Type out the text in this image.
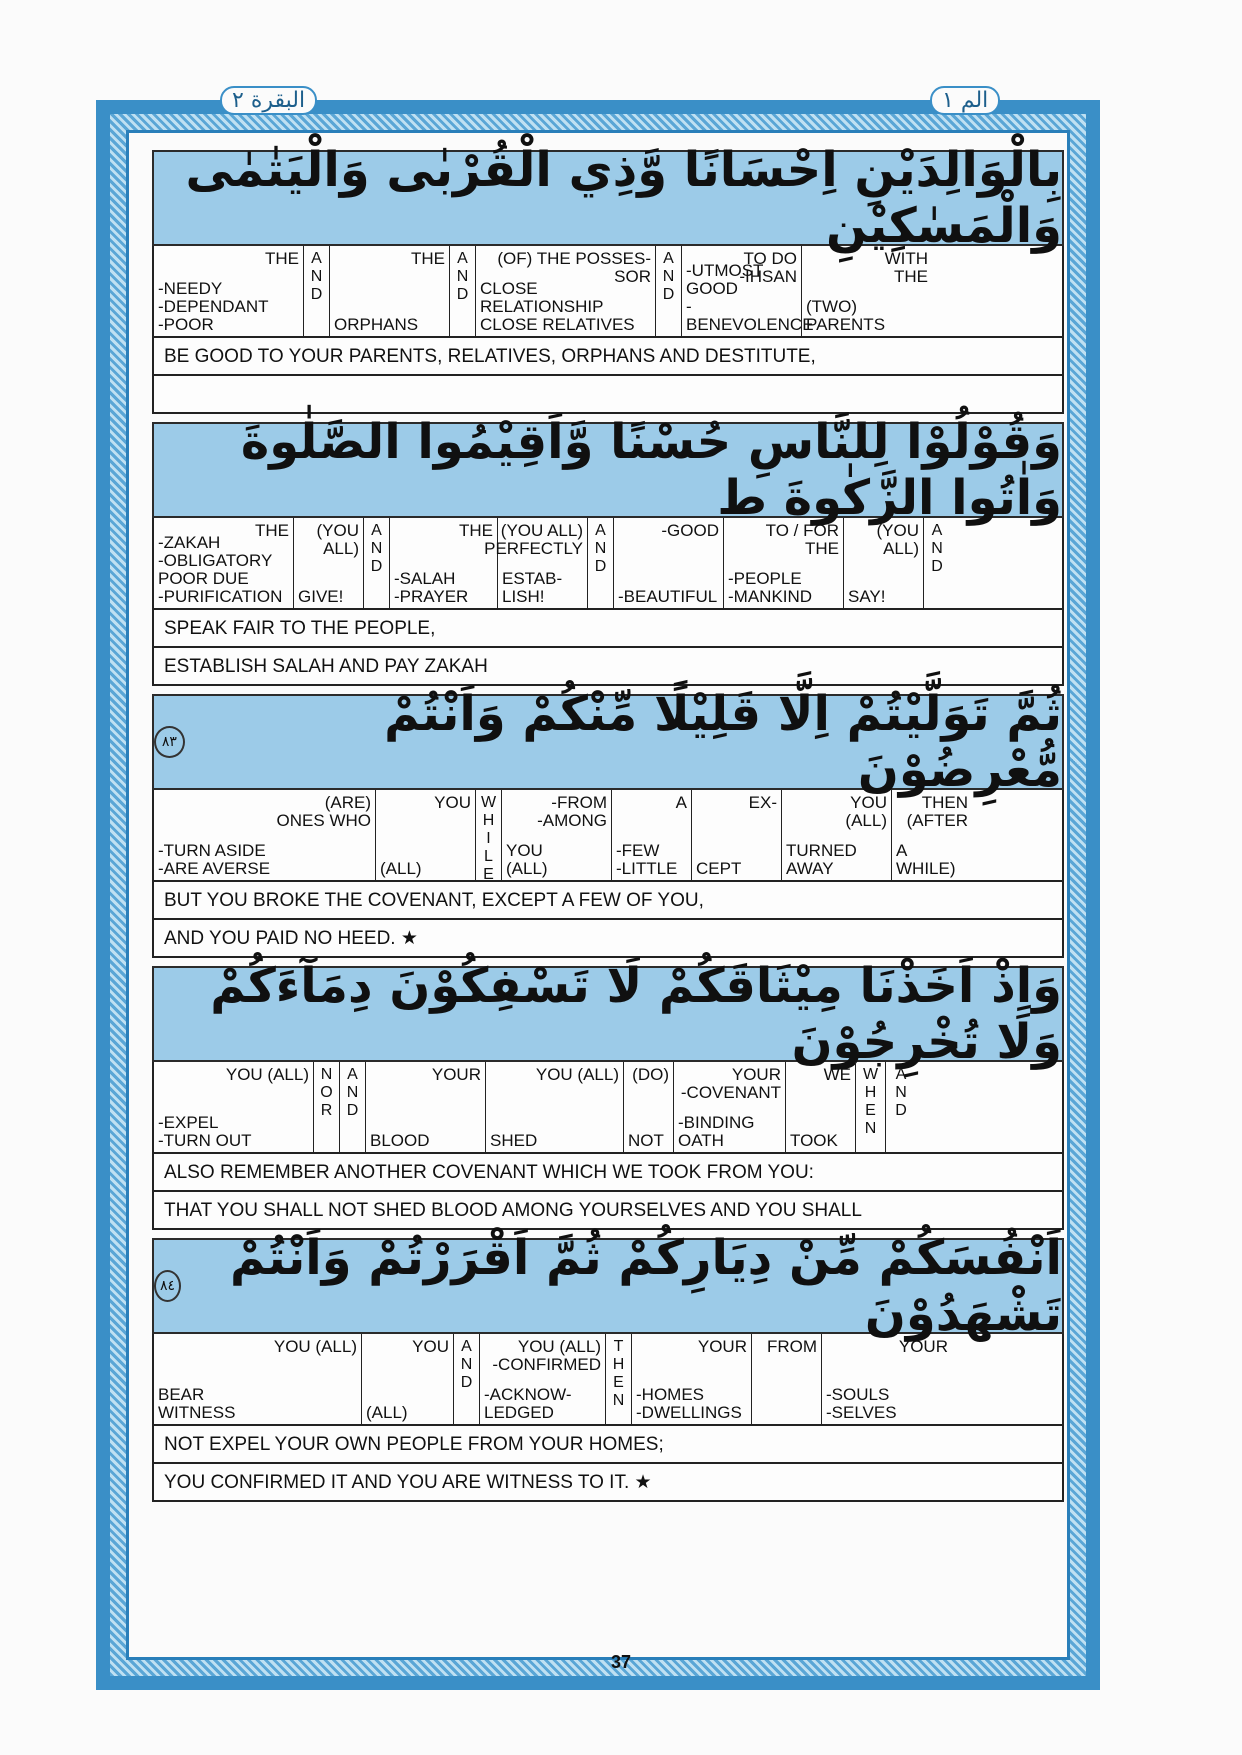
البقرة ٢	الم ١
بِالْوَالِدَيْنِ اِحْسَانًا وَّذِي الْقُرْبٰى وَالْيَتٰمٰى وَالْمَسٰكِيْنِ
THE
-NEEDY
-DEPENDANT
-POOR
A
N
D
THE
ORPHANS
A
N
D
(OF) THE POSSES-
SOR
CLOSE
RELATIONSHIP
CLOSE RELATIVES
A
N
D
TO DO
-IHSAN
-UTMOST GOOD
-BENEVOLENCE
WITH
THE
(TWO)
PARENTS
BE GOOD TO YOUR PARENTS, RELATIVES, ORPHANS AND DESTITUTE,
وَقُوْلُوْا لِلنَّاسِ حُسْنًا وَّاَقِيْمُوا الصَّلٰوةَ وَاٰتُوا الزَّكٰوةَ ط
THE
-ZAKAH
-OBLIGATORY
POOR DUE
-PURIFICATION
(YOU
ALL)
GIVE!
A
N
D
THE
-SALAH
-PRAYER
(YOU ALL)
PERFECTLY
ESTAB-
LISH!
A
N
D
-GOOD
-BEAUTIFUL
TO / FOR
THE
-PEOPLE
-MANKIND
(YOU
ALL)
SAY!
A
N
D
SPEAK FAIR TO THE PEOPLE,
ESTABLISH SALAH AND PAY ZAKAH
ثُمَّ تَوَلَّيْتُمْ اِلَّا قَلِيْلًا مِّنْكُمْ وَاَنْتُمْ مُّعْرِضُوْنَ
٨٣
(ARE)
ONES WHO
-TURN ASIDE
-ARE AVERSE
YOU
(ALL)
W
H
I
L
E
-FROM
-AMONG
YOU
(ALL)
A
-FEW
-LITTLE
EX-
CEPT
YOU
(ALL)
TURNED
AWAY
THEN
(AFTER
A
WHILE)
BUT YOU BROKE THE COVENANT, EXCEPT A FEW OF YOU,
AND YOU PAID NO HEED. ★
وَاِذْ اَخَذْنَا مِيْثَاقَكُمْ لَا تَسْفِكُوْنَ دِمَآءَكُمْ وَلَا تُخْرِجُوْنَ
YOU (ALL)
-EXPEL
-TURN OUT
N
O
R
A
N
D
YOUR
BLOOD
YOU (ALL)
SHED
(DO)
NOT
YOUR
-COVENANT
-BINDING
OATH
WE
TOOK
W
H
E
N
A
N
D
ALSO REMEMBER ANOTHER COVENANT WHICH WE TOOK FROM YOU:
THAT YOU SHALL NOT SHED BLOOD AMONG YOURSELVES AND YOU SHALL
اَنْفُسَكُمْ مِّنْ دِيَارِكُمْ ثُمَّ اَقْرَرْتُمْ وَاَنْتُمْ تَشْهَدُوْنَ
٨٤
YOU (ALL)
BEAR
WITNESS
YOU
(ALL)
A
N
D
YOU (ALL)
-CONFIRMED
-ACKNOW-
LEDGED
T
H
E
N
YOUR
-HOMES
-DWELLINGS
FROM	YOUR
-SOULS
-SELVES
NOT EXPEL YOUR OWN PEOPLE FROM YOUR HOMES;
YOU CONFIRMED IT AND YOU ARE WITNESS TO IT. ★
37
